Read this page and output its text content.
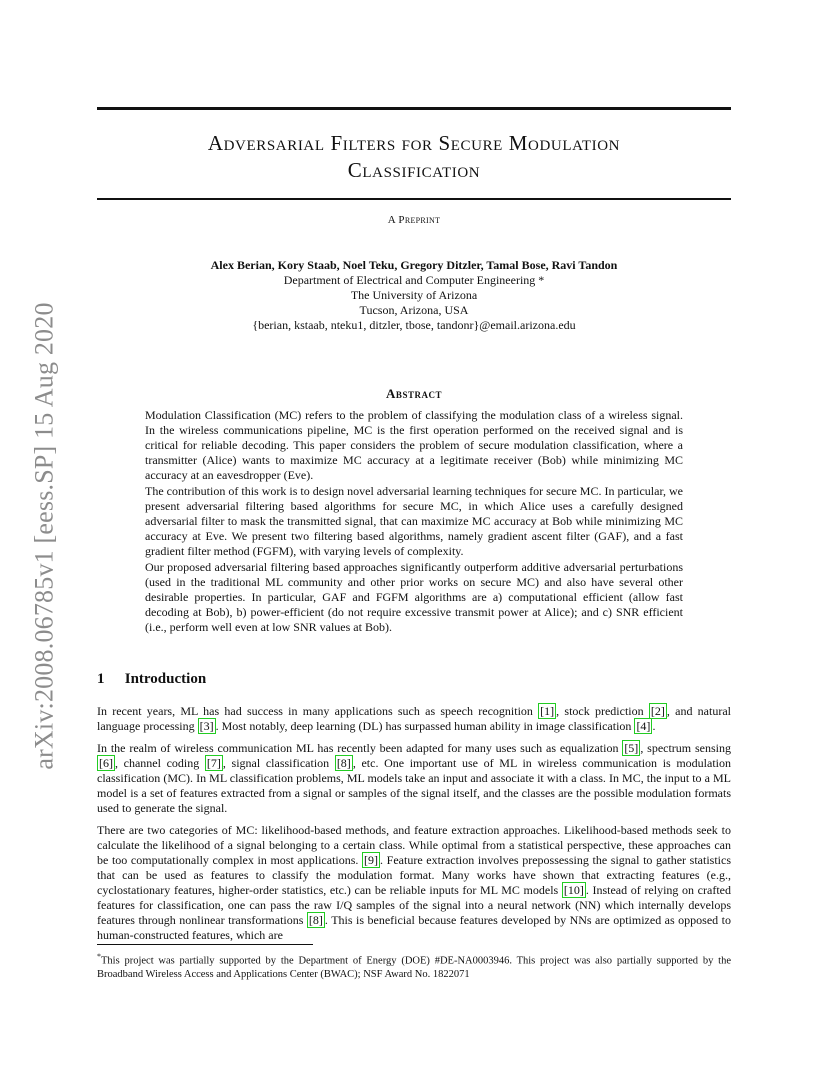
arXiv:2008.06785v1 [eess.SP] 15 Aug 2020
Adversarial Filters for Secure Modulation
Classification
A Preprint
Alex Berian, Kory Staab, Noel Teku, Gregory Ditzler, Tamal Bose, Ravi Tandon
Department of Electrical and Computer Engineering *
The University of Arizona
Tucson, Arizona, USA
{berian, kstaab, nteku1, ditzler, tbose, tandonr}@email.arizona.edu
Abstract

Modulation Classification (MC) refers to the problem of classifying the modulation class of a wireless signal. In the wireless communications pipeline, MC is the first operation performed on the received signal and is critical for reliable decoding. This paper considers the problem of secure modulation classification, where a transmitter (Alice) wants to maximize MC accuracy at a legitimate receiver (Bob) while minimizing MC accuracy at an eavesdropper (Eve).

The contribution of this work is to design novel adversarial learning techniques for secure MC. In particular, we present adversarial filtering based algorithms for secure MC, in which Alice uses a carefully designed adversarial filter to mask the transmitted signal, that can maximize MC accuracy at Bob while minimizing MC accuracy at Eve. We present two filtering based algorithms, namely gradient ascent filter (GAF), and a fast gradient filter method (FGFM), with varying levels of complexity.

Our proposed adversarial filtering based approaches significantly outperform additive adversarial perturbations (used in the traditional ML community and other prior works on secure MC) and also have several other desirable properties. In particular, GAF and FGFM algorithms are a) computational efficient (allow fast decoding at Bob), b) power-efficient (do not require excessive transmit power at Alice); and c) SNR efficient (i.e., perform well even at low SNR values at Bob).

1 Introduction

In recent years, ML has had success in many applications such as speech recognition [1] , stock prediction [2] , and natural language processing [3] . Most notably, deep learning (DL) has surpassed human ability in image classification [4] .

In the realm of wireless communication ML has recently been adapted for many uses such as equalization [5] , spectrum sensing [6] , channel coding [7] , signal classification [8] , etc. One important use of ML in wireless communication is modulation classification (MC). In ML classification problems, ML models take an input and associate it with a class. In MC, the input to a ML model is a set of features extracted from a signal or samples of the signal itself, and the classes are the possible modulation formats used to generate the signal.

There are two categories of MC: likelihood-based methods, and feature extraction approaches. Likelihood-based methods seek to calculate the likelihood of a signal belonging to a certain class. While optimal from a statistical perspective, these approaches can be too computationally complex in most applications. [9] . Feature extraction involves prepossessing the signal to gather statistics that can be used as features to classify the modulation format. Many works have shown that extracting features (e.g., cyclostationary features, higher-order statistics, etc.) can be reliable inputs for ML MC models [10] . Instead of relying on crafted features for classification, one can pass the raw I/Q samples of the signal into a neural network (NN) which internally develops features through nonlinear transformations [8] . This is beneficial because features developed by NNs are optimized as opposed to human-constructed features, which are

*This project was partially supported by the Department of Energy (DOE) #DE-NA0003946. This project was also partially supported by the Broadband Wireless Access and Applications Center (BWAC); NSF Award No. 1822071
